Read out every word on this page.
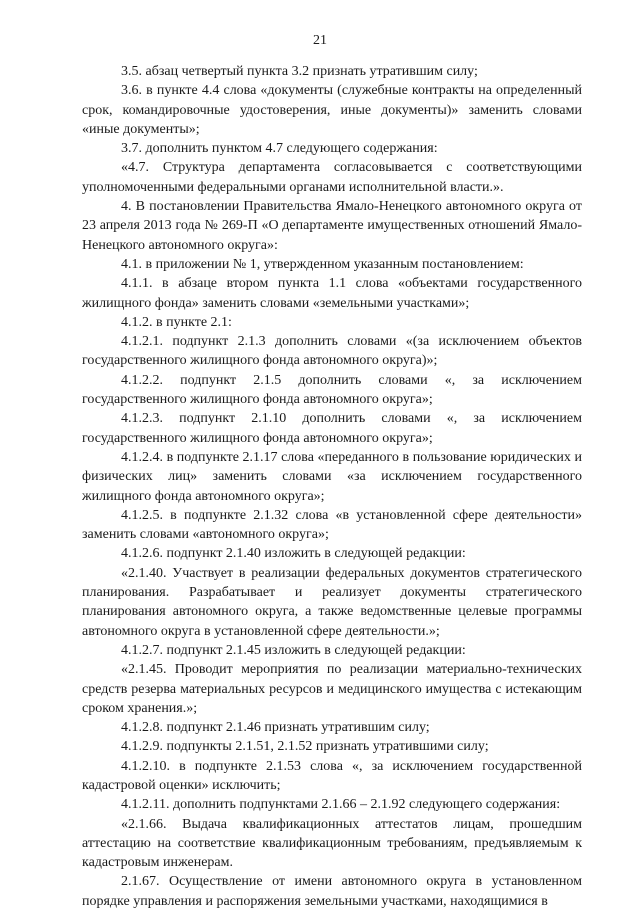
21

3.5. абзац четвертый пункта 3.2 признать утратившим силу;

3.6. в пункте 4.4 слова «документы (служебные контракты на определенный срок, командировочные удостоверения, иные документы)» заменить словами «иные документы»;

3.7. дополнить пунктом 4.7 следующего содержания:

«4.7. Структура департамента согласовывается с соответствующими уполномоченными федеральными органами исполнительной власти.».

4. В постановлении Правительства Ямало-Ненецкого автономного округа от 23 апреля 2013 года № 269-П «О департаменте имущественных отношений Ямало-Ненецкого автономного округа»:

4.1. в приложении № 1, утвержденном указанным постановлением:

4.1.1. в абзаце втором пункта 1.1 слова «объектами государственного жилищного фонда» заменить словами «земельными участками»;

4.1.2. в пункте 2.1:

4.1.2.1. подпункт 2.1.3 дополнить словами «(за исключением объектов государственного жилищного фонда автономного округа)»;

4.1.2.2. подпункт 2.1.5 дополнить словами «, за исключением государственного жилищного фонда автономного округа»;

4.1.2.3. подпункт 2.1.10 дополнить словами «, за исключением государственного жилищного фонда автономного округа»;

4.1.2.4. в подпункте 2.1.17 слова «переданного в пользование юридических и физических лиц» заменить словами «за исключением государственного жилищного фонда автономного округа»;

4.1.2.5. в подпункте 2.1.32 слова «в установленной сфере деятельности» заменить словами «автономного округа»;

4.1.2.6. подпункт 2.1.40 изложить в следующей редакции:

«2.1.40. Участвует в реализации федеральных документов стратегического планирования. Разрабатывает и реализует документы стратегического планирования автономного округа, а также ведомственные целевые программы автономного округа в установленной сфере деятельности.»;

4.1.2.7. подпункт 2.1.45 изложить в следующей редакции:

«2.1.45. Проводит мероприятия по реализации материально-технических средств резерва материальных ресурсов и медицинского имущества с истекающим сроком хранения.»;

4.1.2.8. подпункт 2.1.46 признать утратившим силу;

4.1.2.9. подпункты 2.1.51, 2.1.52 признать утратившими силу;

4.1.2.10. в подпункте 2.1.53 слова «, за исключением государственной кадастровой оценки» исключить;

4.1.2.11. дополнить подпунктами 2.1.66 – 2.1.92 следующего содержания:

«2.1.66. Выдача квалификационных аттестатов лицам, прошедшим аттестацию на соответствие квалификационным требованиям, предъявляемым к кадастровым инженерам.

2.1.67. Осуществление от имени автономного округа в установленном порядке управления и распоряжения земельными участками, находящимися в
